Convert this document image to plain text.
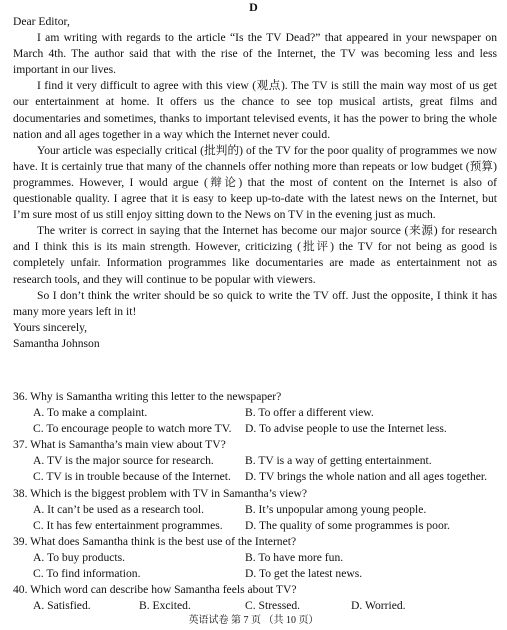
D

Dear Editor,

I am writing with regards to the article “Is the TV Dead?” that appeared in your newspaper on March 4th. The author said that with the rise of the Internet, the TV was becoming less and less important in our lives.

I find it very difficult to agree with this view (观点). The TV is still the main way most of us get our entertainment at home. It offers us the chance to see top musical artists, great films and documentaries and sometimes, thanks to important televised events, it has the power to bring the whole nation and all ages together in a way which the Internet never could.

Your article was especially critical (批判的) of the TV for the poor quality of programmes we now have. It is certainly true that many of the channels offer nothing more than repeats or low budget (预算) programmes. However, I would argue (辩论) that the most of content on the Internet is also of questionable quality. I agree that it is easy to keep up-to-date with the latest news on the Internet, but I’m sure most of us still enjoy sitting down to the News on TV in the evening just as much.

The writer is correct in saying that the Internet has become our major source (来源) for research and I think this is its main strength. However, criticizing (批评) the TV for not being as good is completely unfair. Information programmes like documentaries are made as entertainment not as research tools, and they will continue to be popular with viewers.

So I don’t think the writer should be so quick to write the TV off. Just the opposite, I think it has many more years left in it!

Yours sincerely,

Samantha Johnson

36. Why is Samantha writing this letter to the newspaper?

A. To make a complaint.	B. To offer a different view.
C. To encourage people to watch more TV.	D. To advise people to use the Internet less.

37. What is Samantha’s main view about TV?

A. TV is the major source for research.	B. TV is a way of getting entertainment.
C. TV is in trouble because of the Internet.	D. TV brings the whole nation and all ages together.

38. Which is the biggest problem with TV in Samantha’s view?

A. It can’t be used as a research tool.	B. It’s unpopular among young people.
C. It has few entertainment programmes.	D. The quality of some programmes is poor.

39. What does Samantha think is the best use of the Internet?

A. To buy products.	B. To have more fun.
C. To find information.	D. To get the latest news.

40. Which word can describe how Samantha feels about TV?

A. Satisfied.	B. Excited.	C. Stressed.	D. Worried.
英语试卷 第 7 页 （共 10 页）
